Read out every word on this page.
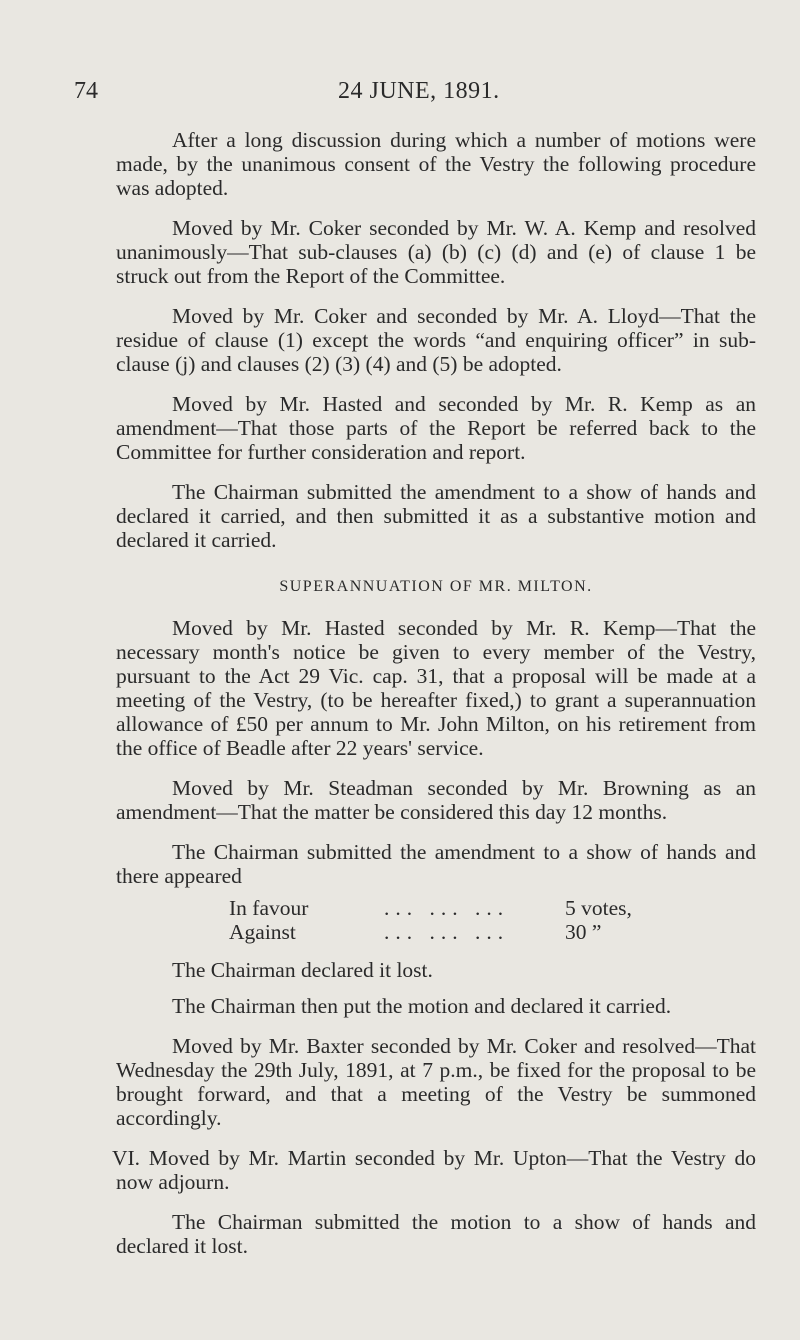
74	24 JUNE, 1891.

After a long discussion during which a number of motions were made, by the unanimous consent of the Vestry the following procedure was adopted.

Moved by Mr. Coker seconded by Mr. W. A. Kemp and resolved unanimously—That sub-clauses (a) (b) (c) (d) and (e) of clause 1 be struck out from the Report of the Committee.

Moved by Mr. Coker and seconded by Mr. A. Lloyd—That the residue of clause (1) except the words “and enquiring officer” in sub-clause (j) and clauses (2) (3) (4) and (5) be adopted.

Moved by Mr. Hasted and seconded by Mr. R. Kemp as an amendment—That those parts of the Report be referred back to the Committee for further consideration and report.

The Chairman submitted the amendment to a show of hands and declared it carried, and then submitted it as a substantive motion and declared it carried.

SUPERANNUATION OF MR. MILTON.

Moved by Mr. Hasted seconded by Mr. R. Kemp—That the necessary month's notice be given to every member of the Vestry, pursuant to the Act 29 Vic. cap. 31, that a proposal will be made at a meeting of the Vestry, (to be hereafter fixed,) to grant a superannuation allowance of £50 per annum to Mr. John Milton, on his retirement from the office of Beadle after 22 years' service.

Moved by Mr. Steadman seconded by Mr. Browning as an amendment—That the matter be considered this day 12 months.

The Chairman submitted the amendment to a show of hands and there appeared

In favour	... ... ...	5 votes,
Against	... ... ...	30 ”

The Chairman declared it lost.

The Chairman then put the motion and declared it carried.

Moved by Mr. Baxter seconded by Mr. Coker and resolved—That Wednesday the 29th July, 1891, at 7 p.m., be fixed for the proposal to be brought forward, and that a meeting of the Vestry be summoned accordingly.

VI. Moved by Mr. Martin seconded by Mr. Upton—That the Vestry do now adjourn.

The Chairman submitted the motion to a show of hands and declared it lost.
